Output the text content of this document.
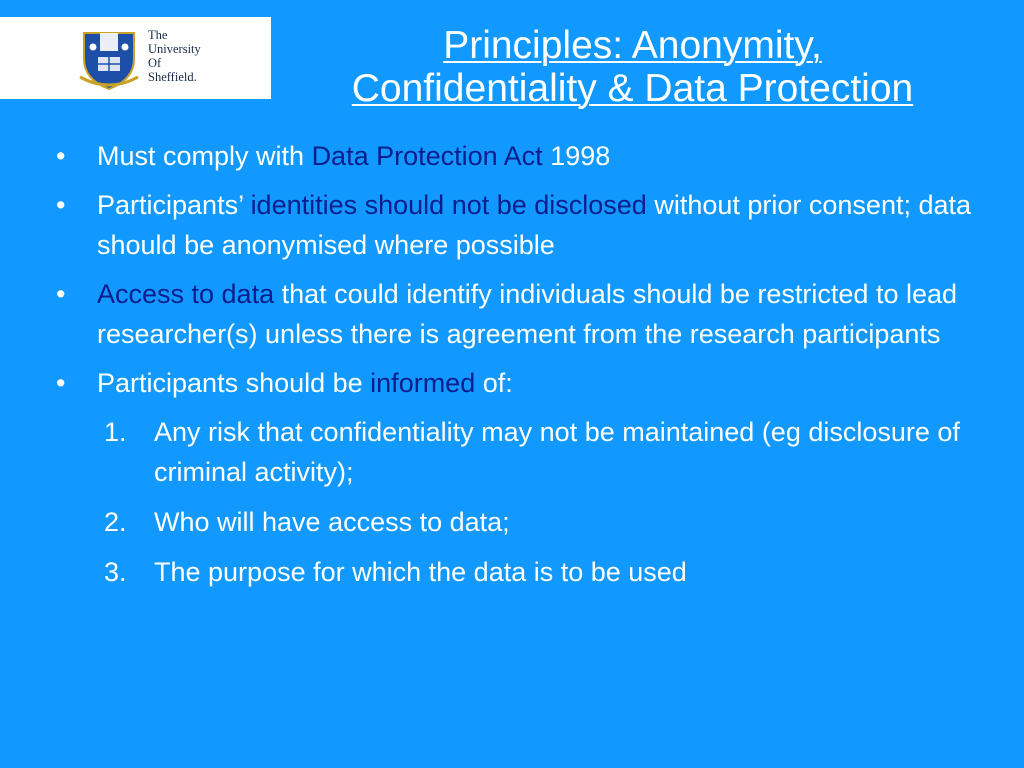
The
University
Of
Sheffield.
Principles: Anonymity,
Confidentiality & Data Protection
• Must comply with Data Protection Act 1998
• Participants’ identities should not be disclosed without prior consent; data should be anonymised where possible
• Access to data that could identify individuals should be restricted to lead researcher(s) unless there is agreement from the research participants
• Participants should be informed of:
1. Any risk that confidentiality may not be maintained (eg disclosure of criminal activity);
2. Who will have access to data;
3. The purpose for which the data is to be used
